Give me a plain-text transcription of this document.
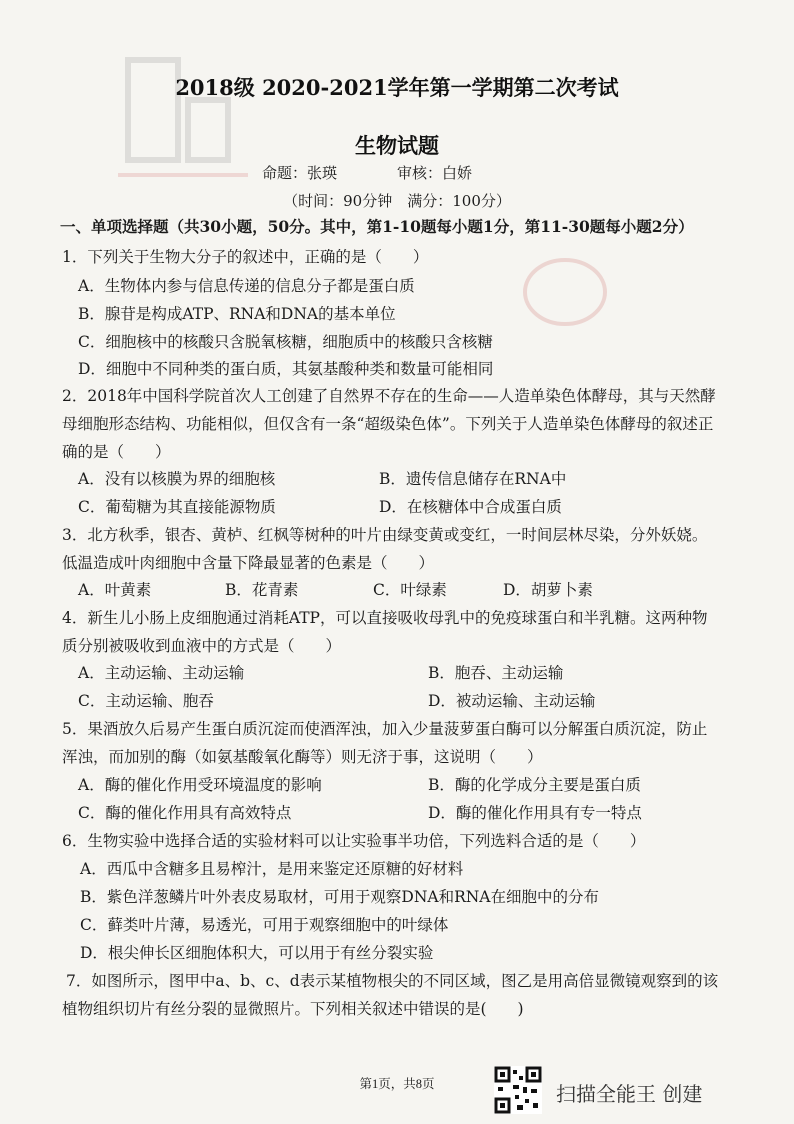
2018级 2020-2021学年第一学期第二次考试
生物试题
命题：张瑛	审核：白娇
（时间：90分钟　满分：100分）
一、单项选择题（共30小题，50分。其中，第1-10题每小题1分，第11-30题每小题2分）
1．下列关于生物大分子的叙述中，正确的是（　　）
A．生物体内参与信息传递的信息分子都是蛋白质
B．腺苷是构成ATP、RNA和DNA的基本单位
C．细胞核中的核酸只含脱氧核糖，细胞质中的核酸只含核糖
D．细胞中不同种类的蛋白质，其氨基酸种类和数量可能相同
2．2018年中国科学院首次人工创建了自然界不存在的生命——人造单染色体酵母，其与天然酵
母细胞形态结构、功能相似，但仅含有一条“超级染色体”。下列关于人造单染色体酵母的叙述正
确的是（　　）
A．没有以核膜为界的细胞核	B．遗传信息储存在RNA中
C．葡萄糖为其直接能源物质	D．在核糖体中合成蛋白质
3．北方秋季，银杏、黄栌、红枫等树种的叶片由绿变黄或变红，一时间层林尽染，分外妖娆。
低温造成叶肉细胞中含量下降最显著的色素是（　　）
A．叶黄素	B．花青素	C．叶绿素	D．胡萝卜素
4．新生儿小肠上皮细胞通过消耗ATP，可以直接吸收母乳中的免疫球蛋白和半乳糖。这两种物
质分别被吸收到血液中的方式是（　　）
A．主动运输、主动运输	B．胞吞、主动运输
C．主动运输、胞吞	D．被动运输、主动运输
5．果酒放久后易产生蛋白质沉淀而使酒浑浊，加入少量菠萝蛋白酶可以分解蛋白质沉淀，防止
浑浊，而加别的酶（如氨基酸氧化酶等）则无济于事，这说明（　　）
A．酶的催化作用受环境温度的影响	B．酶的化学成分主要是蛋白质
C．酶的催化作用具有高效特点	D．酶的催化作用具有专一特点
6．生物实验中选择合适的实验材料可以让实验事半功倍，下列选料合适的是（　　）
A．西瓜中含糖多且易榨汁，是用来鉴定还原糖的好材料
B．紫色洋葱鳞片叶外表皮易取材，可用于观察DNA和RNA在细胞中的分布
C．藓类叶片薄，易透光，可用于观察细胞中的叶绿体
D．根尖伸长区细胞体积大，可以用于有丝分裂实验
7．如图所示，图甲中a、b、c、d表示某植物根尖的不同区域，图乙是用高倍显微镜观察到的该
植物组织切片有丝分裂的显微照片。下列相关叙述中错误的是(　　)
第1页，共8页	扫描全能王 创建
